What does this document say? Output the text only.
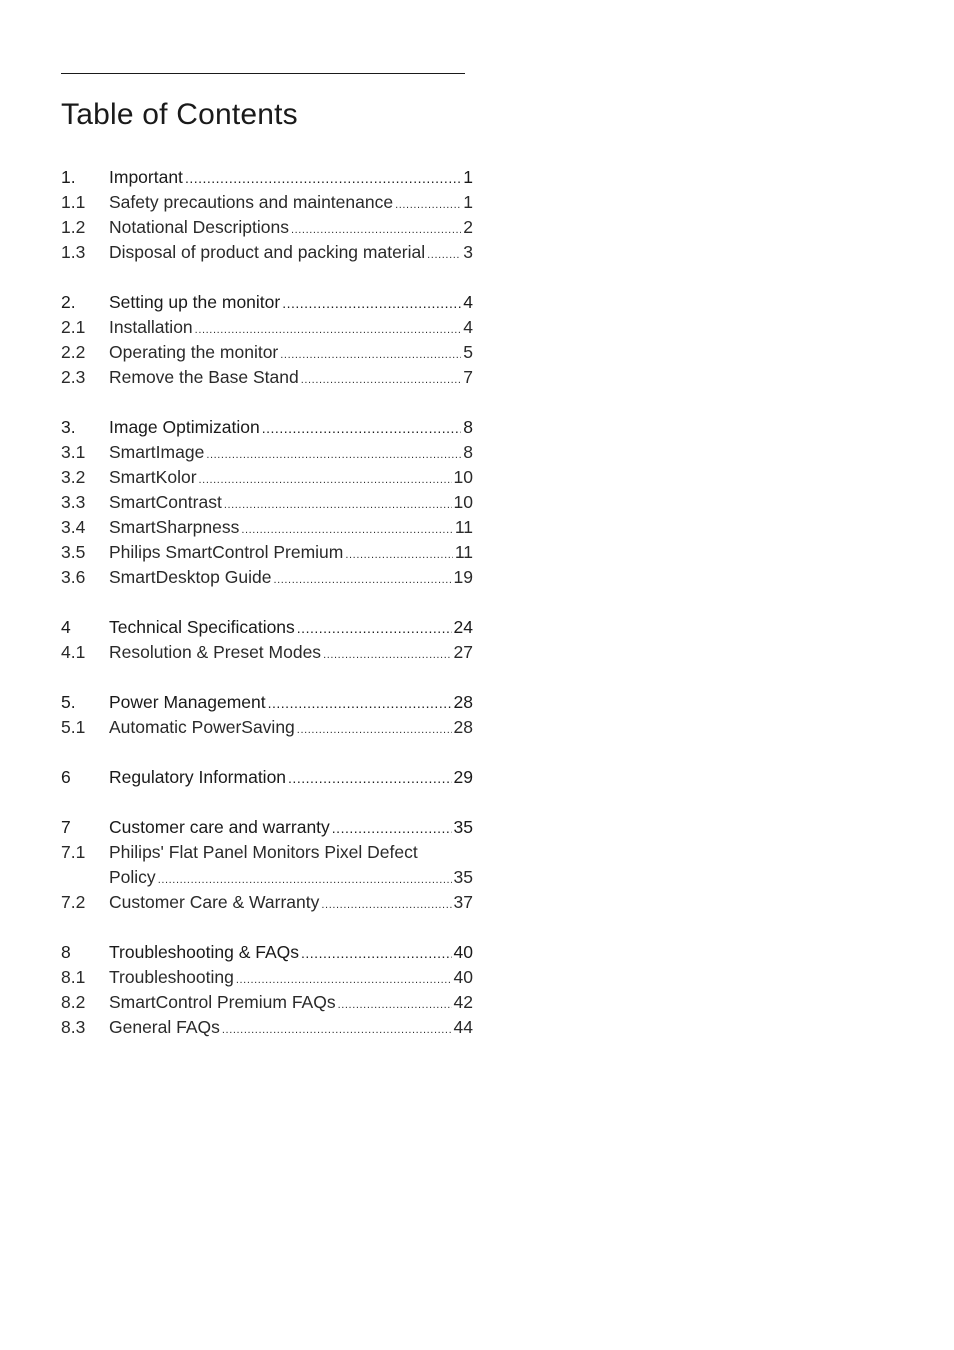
Table of Contents
1.	Important .....	1
1.1	Safety precautions and maintenance .....	1
1.2	Notational Descriptions .....	2
1.3	Disposal of product and packing material ..... 3
2.	Setting up the monitor .....	4
2.1	Installation .....	4
2.2	Operating the monitor .....	5
2.3	Remove the Base Stand .....	7
3.	Image Optimization .....	8
3.1	SmartImage .....	8
3.2	SmartKolor .....	10
3.3	SmartContrast .....	10
3.4	SmartSharpness .....	11
3.5	Philips SmartControl Premium .....	11
3.6	SmartDesktop Guide .....	19
4	Technical Specifications .....	24
4.1	Resolution & Preset Modes .....	27
5.	Power Management .....	28
5.1	Automatic PowerSaving .....	28
6	Regulatory Information .....	29
7	Customer care and warranty .....	35
7.1 Philips' Flat Panel Monitors Pixel Defect
Policy .....	35
7.2	Customer Care & Warranty .....	37
8	Troubleshooting & FAQs .....	40
8.1	Troubleshooting .....	40
8.2	SmartControl Premium FAQs .....	42
8.3	General FAQs .....	44
